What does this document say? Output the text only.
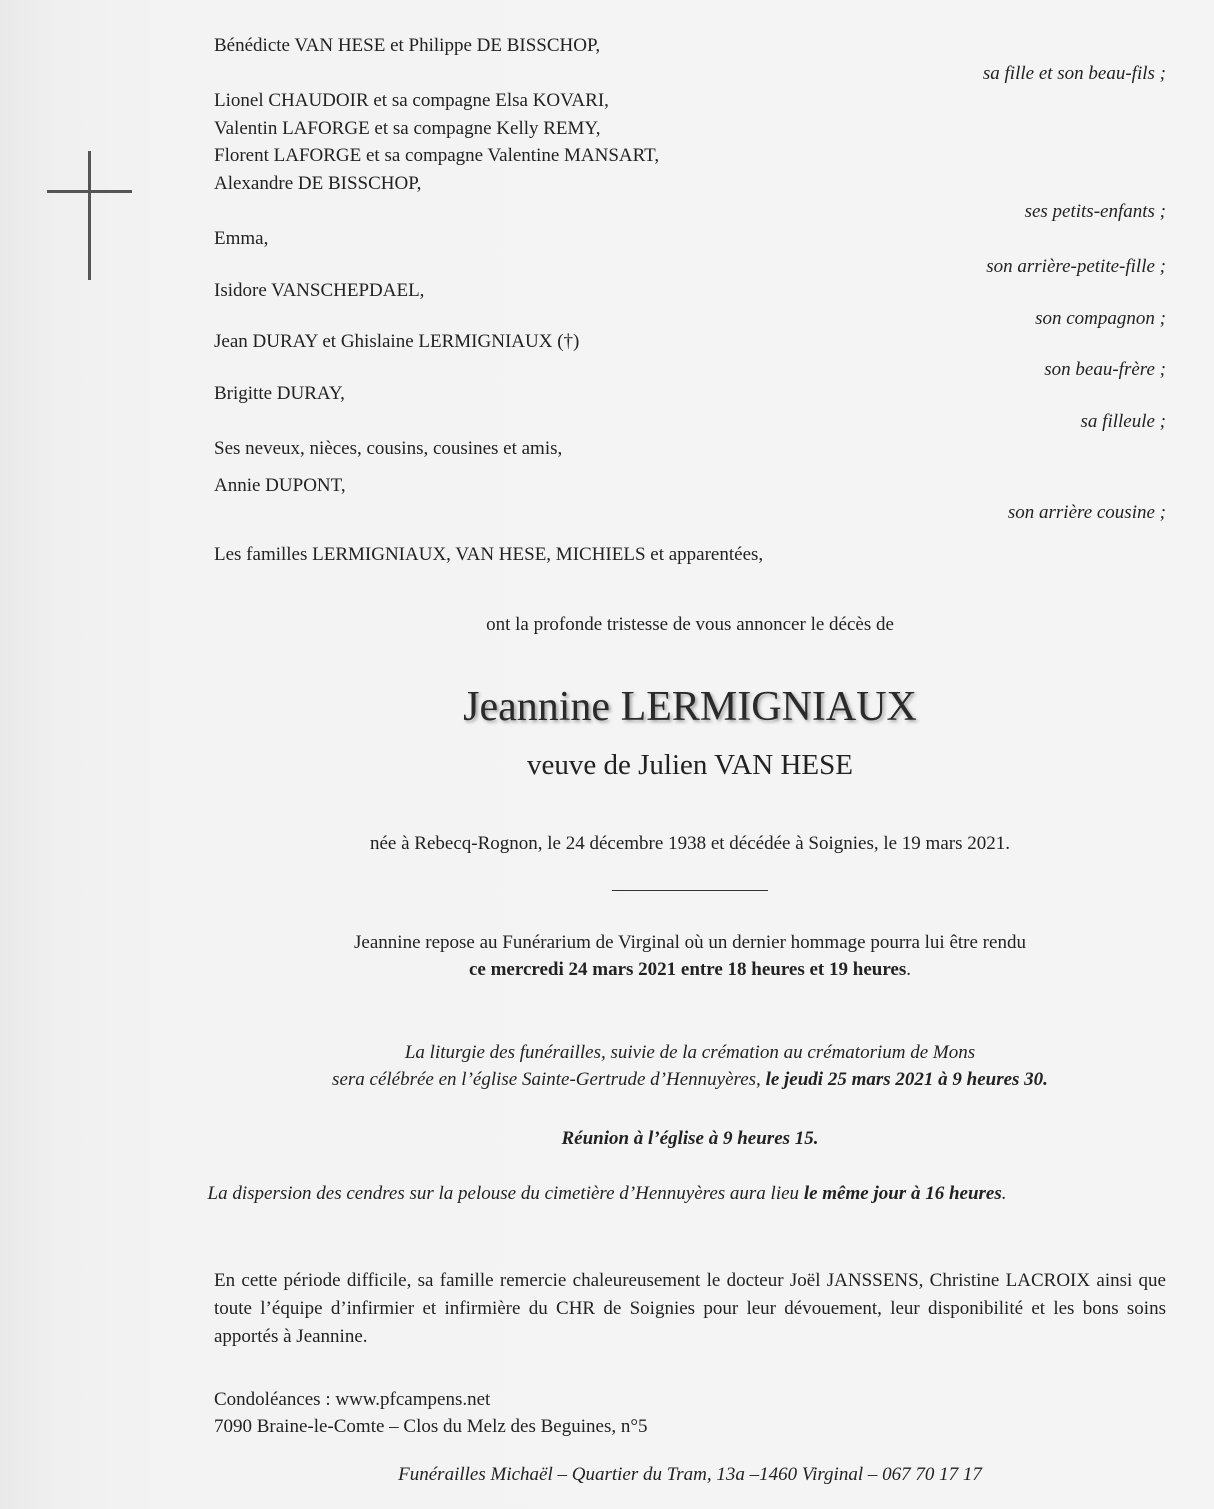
Bénédicte VAN HESE et Philippe DE BISSCHOP,
sa fille et son beau-fils ;
Lionel CHAUDOIR et sa compagne Elsa KOVARI,
Valentin LAFORGE et sa compagne Kelly REMY,
Florent LAFORGE et sa compagne Valentine MANSART,
Alexandre DE BISSCHOP,
ses petits-enfants ;
Emma,
son arrière-petite-fille ;
Isidore VANSCHEPDAEL,
son compagnon ;
Jean DURAY et Ghislaine LERMIGNIAUX (†)
son beau-frère ;
Brigitte DURAY,
sa filleule ;
Ses neveux, nièces, cousins, cousines et amis,
Annie DUPONT,
son arrière cousine ;
Les familles LERMIGNIAUX, VAN HESE, MICHIELS et apparentées,
ont la profonde tristesse de vous annoncer le décès de
Jeannine LERMIGNIAUX
veuve de Julien VAN HESE
née à Rebecq-Rognon, le 24 décembre 1938 et décédée à Soignies, le 19 mars 2021.
Jeannine repose au Funérarium de Virginal où un dernier hommage pourra lui être rendu
ce mercredi 24 mars 2021 entre 18 heures et 19 heures.
La liturgie des funérailles, suivie de la crémation au crématorium de Mons
sera célébrée en l’église Sainte-Gertrude d’Hennuyères, le jeudi 25 mars 2021 à 9 heures 30.
Réunion à l’église à 9 heures 15.
La dispersion des cendres sur la pelouse du cimetière d’Hennuyères aura lieu le même jour à 16 heures.
En cette période difficile, sa famille remercie chaleureusement le docteur Joël JANSSENS, Christine LACROIX ainsi que toute l’équipe d’infirmier et infirmière du CHR de Soignies pour leur dévouement, leur disponibilité et les bons soins apportés à Jeannine.
Condoléances : www.pfcampens.net
7090 Braine-le-Comte – Clos du Melz des Beguines, n°5
Funérailles Michaël – Quartier du Tram, 13a –1460 Virginal – 067 70 17 17
